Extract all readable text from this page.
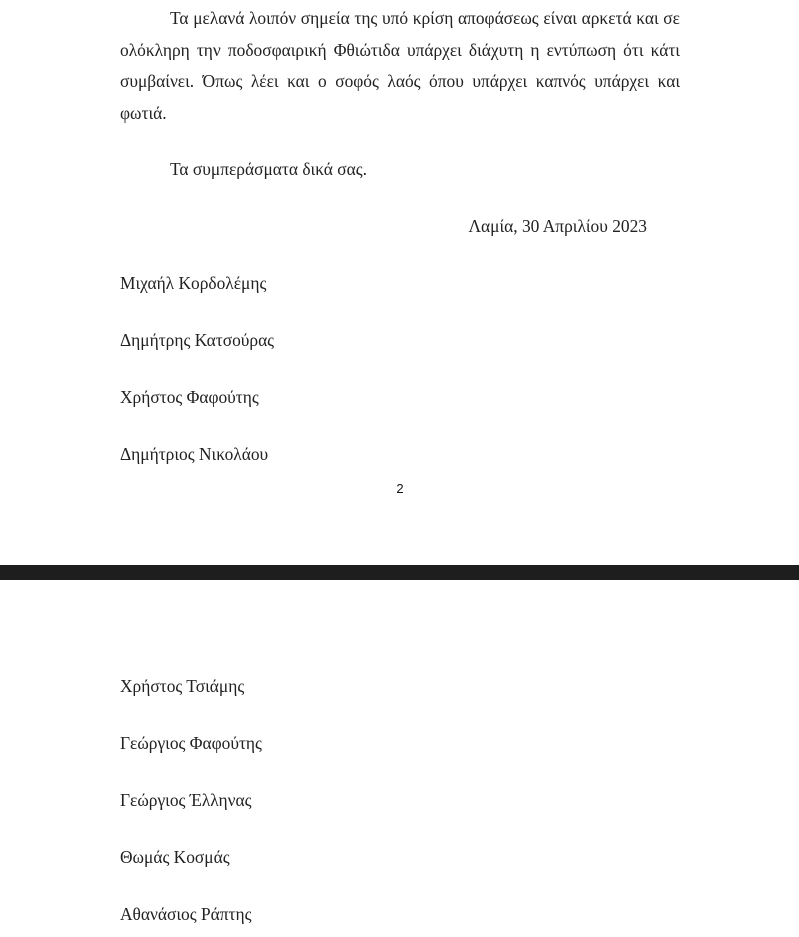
Τα μελανά λοιπόν σημεία της υπό κρίση αποφάσεως είναι αρκετά και σε ολόκληρη την ποδοσφαιρική Φθιώτιδα υπάρχει διάχυτη η εντύπωση ότι κάτι συμβαίνει. Όπως λέει και ο σοφός λαός όπου υπάρχει καπνός υπάρχει και φωτιά.

Τα συμπεράσματα δικά σας.

Λαμία, 30 Απριλίου 2023

Μιχαήλ Κορδολέμης

Δημήτρης Κατσούρας

Χρήστος Φαφούτης

Δημήτριος Νικολάου

2

Χρήστος Τσιάμης

Γεώργιος Φαφούτης

Γεώργιος Έλληνας

Θωμάς Κοσμάς

Αθανάσιος Ράπτης
